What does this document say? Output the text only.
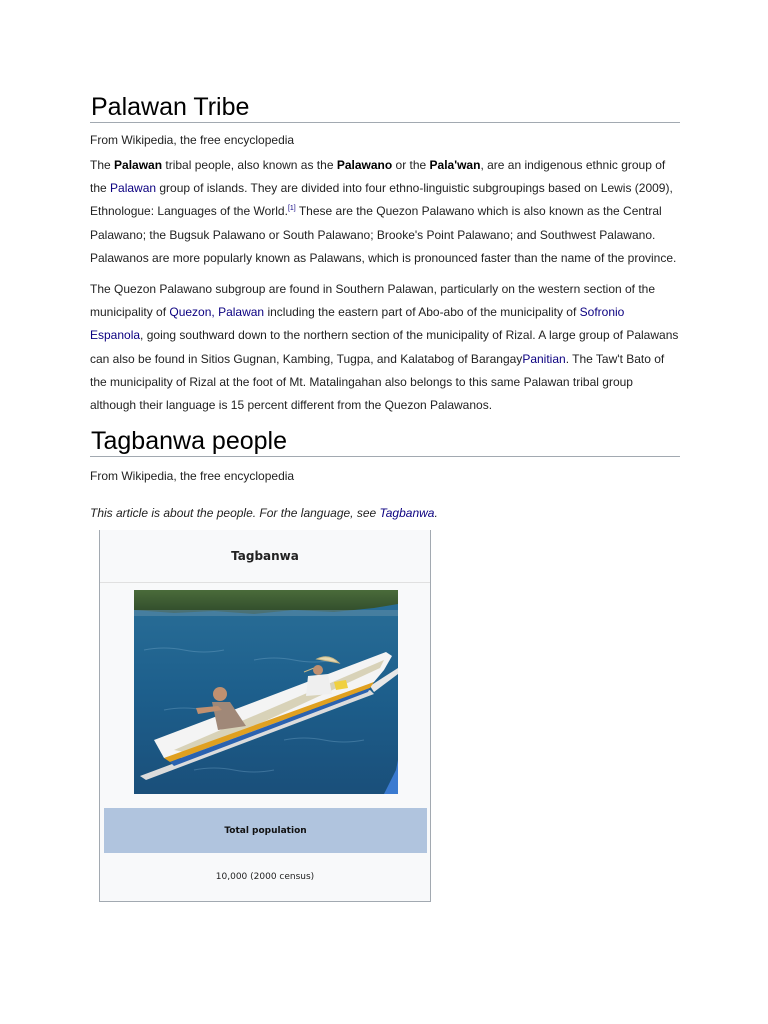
Palawan Tribe

From Wikipedia, the free encyclopedia

The Palawan tribal people, also known as the Palawano or the Pala'wan, are an indigenous ethnic group of the Palawan group of islands. They are divided into four ethno-linguistic subgroupings based on Lewis (2009), Ethnologue: Languages of the World.[1] These are the Quezon Palawano which is also known as the Central Palawano; the Bugsuk Palawano or South Palawano; Brooke's Point Palawano; and Southwest Palawano. Palawanos are more popularly known as Palawans, which is pronounced faster than the name of the province.

The Quezon Palawano subgroup are found in Southern Palawan, particularly on the western section of the municipality of Quezon, Palawan including the eastern part of Abo-abo of the municipality of Sofronio Espanola, going southward down to the northern section of the municipality of Rizal. A large group of Palawans can also be found in Sitios Gugnan, Kambing, Tugpa, and Kalatabog of BarangayPanitian. The Taw't Bato of the municipality of Rizal at the foot of Mt. Matalingahan also belongs to this same Palawan tribal group although their language is 15 percent different from the Quezon Palawanos.

Tagbanwa people

From Wikipedia, the free encyclopedia

This article is about the people. For the language, see Tagbanwa.

Tagbanwa
Total population
10,000 (2000 census)
